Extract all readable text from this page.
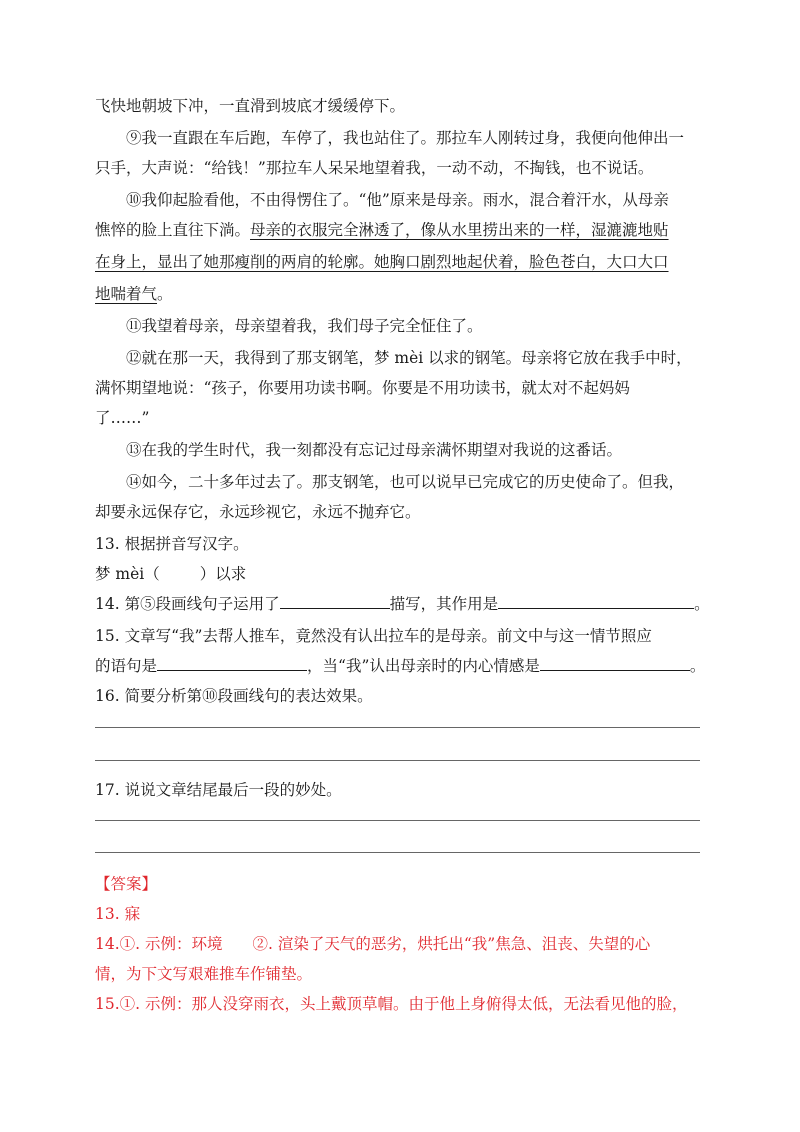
飞快地朝坡下冲，一直滑到坡底才缓缓停下。
⑨我一直跟在车后跑，车停了，我也站住了。那拉车人刚转过身，我便向他伸出一
只手，大声说：“给钱！”那拉车人呆呆地望着我，一动不动，不掏钱，也不说话。
⑩我仰起脸看他，不由得愣住了。“他”原来是母亲。雨水，混合着汗水，从母亲
憔悴的脸上直往下淌。母亲的衣服完全淋透了，像从水里捞出来的一样，湿漉漉地贴
在身上，显出了她那瘦削的两肩的轮廓。她胸口剧烈地起伏着，脸色苍白，大口大口
地喘着气。
⑪我望着母亲，母亲望着我，我们母子完全怔住了。
⑫就在那一天，我得到了那支钢笔，梦 mèi 以求的钢笔。母亲将它放在我手中时，
满怀期望地说：“孩子，你要用功读书啊。你要是不用功读书，就太对不起妈妈
了……”
⑬在我的学生时代，我一刻都没有忘记过母亲满怀期望对我说的这番话。
⑭如今，二十多年过去了。那支钢笔，也可以说早已完成它的历史使命了。但我，
却要永远保存它，永远珍视它，永远不抛弃它。
13. 根据拼音写汉字。
梦 mèi（	）以求
14. 第⑤段画线句子运用了	描写，其作用是	。
15. 文章写“我”去帮人推车，竟然没有认出拉车的是母亲。前文中与这一情节照应
的语句是	，当“我”认出母亲时的内心情感是	。
16. 简要分析第⑩段画线句的表达效果。
17. 说说文章结尾最后一段的妙处。
【答案】
13. 寐
14.①. 示例：环境 ②. 渲染了天气的恶劣，烘托出“我”焦急、沮丧、失望的心
情，为下文写艰难推车作铺垫。
15.①. 示例：那人没穿雨衣，头上戴顶草帽。由于他上身俯得太低，无法看见他的脸，
